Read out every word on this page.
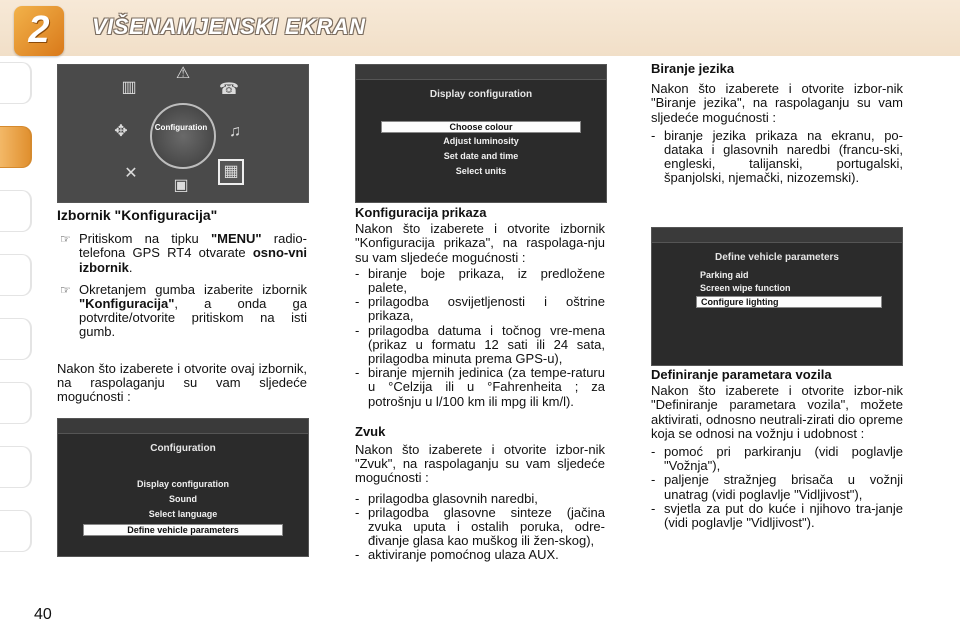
2	VIŠENAMJENSKI EKRAN
▥
⚠
☎
✥	♫
✕
▣
▦
Configuration
Izbornik "Konfiguracija"
☞ Pritiskom na tipku "MENU" radio-telefona GPS RT4 otvarate osno-vni izbornik.
☞ Okretanjem gumba izaberite izbornik "Konfiguracija", a onda ga potvrdite/otvorite pritiskom na isti gumb.

Nakon što izaberete i otvorite ovaj izbornik, na raspolaganju su vam sljedeće mogućnosti :

Configuration
Display configuration
Sound
Select language
Define vehicle parameters
Display configuration
Choose colour
Adjust luminosity
Set date and time
Select units
Konfiguracija prikaza

Nakon što izaberete i otvorite izbornik "Konfiguracija prikaza", na raspolaga-nju su vam sljedeće mogućnosti :

- biranje boje prikaza, iz predložene palete,
- prilagodba osvijetljenosti i oštrine prikaza,
- prilagodba datuma i točnog vre-mena (prikaz u formatu 12 sati ili 24 sata, prilagodba minuta prema GPS-u),
- biranje mjernih jedinica (za tempe-raturu u °Celzija ili u °Fahrenheita ; za potrošnju u l/100 km ili mpg ili km/l).
Zvuk

Nakon što izaberete i otvorite izbor-nik "Zvuk", na raspolaganju su vam sljedeće mogućnosti :

- prilagodba glasovnih naredbi,
- prilagodba glasovne sinteze (jačina zvuka uputa i ostalih poruka, odre-đivanje glasa kao muškog ili žen-skog),
- aktiviranje pomoćnog ulaza AUX.
Biranje jezika

Nakon što izaberete i otvorite izbor-nik "Biranje jezika", na raspolaganju su vam sljedeće mogućnosti :

- biranje jezika prikaza na ekranu, po-dataka i glasovnih naredbi (francu-ski, engleski, talijanski, portugalski, španjolski, njemački, nizozemski).
Define vehicle parameters
Parking aid
Screen wipe function
Configure lighting
Definiranje parametara vozila

Nakon što izaberete i otvorite izbor-nik "Definiranje parametara vozila", možete aktivirati, odnosno neutrali-zirati dio opreme koja se odnosi na vožnju i udobnost :

- pomoć pri parkiranju (vidi poglavlje "Vožnja"),
- paljenje stražnjeg brisača u vožnji unatrag (vidi poglavlje "Vidljivost"),
- svjetla za put do kuće i njihovo tra-janje (vidi poglavlje "Vidljivost").
40
